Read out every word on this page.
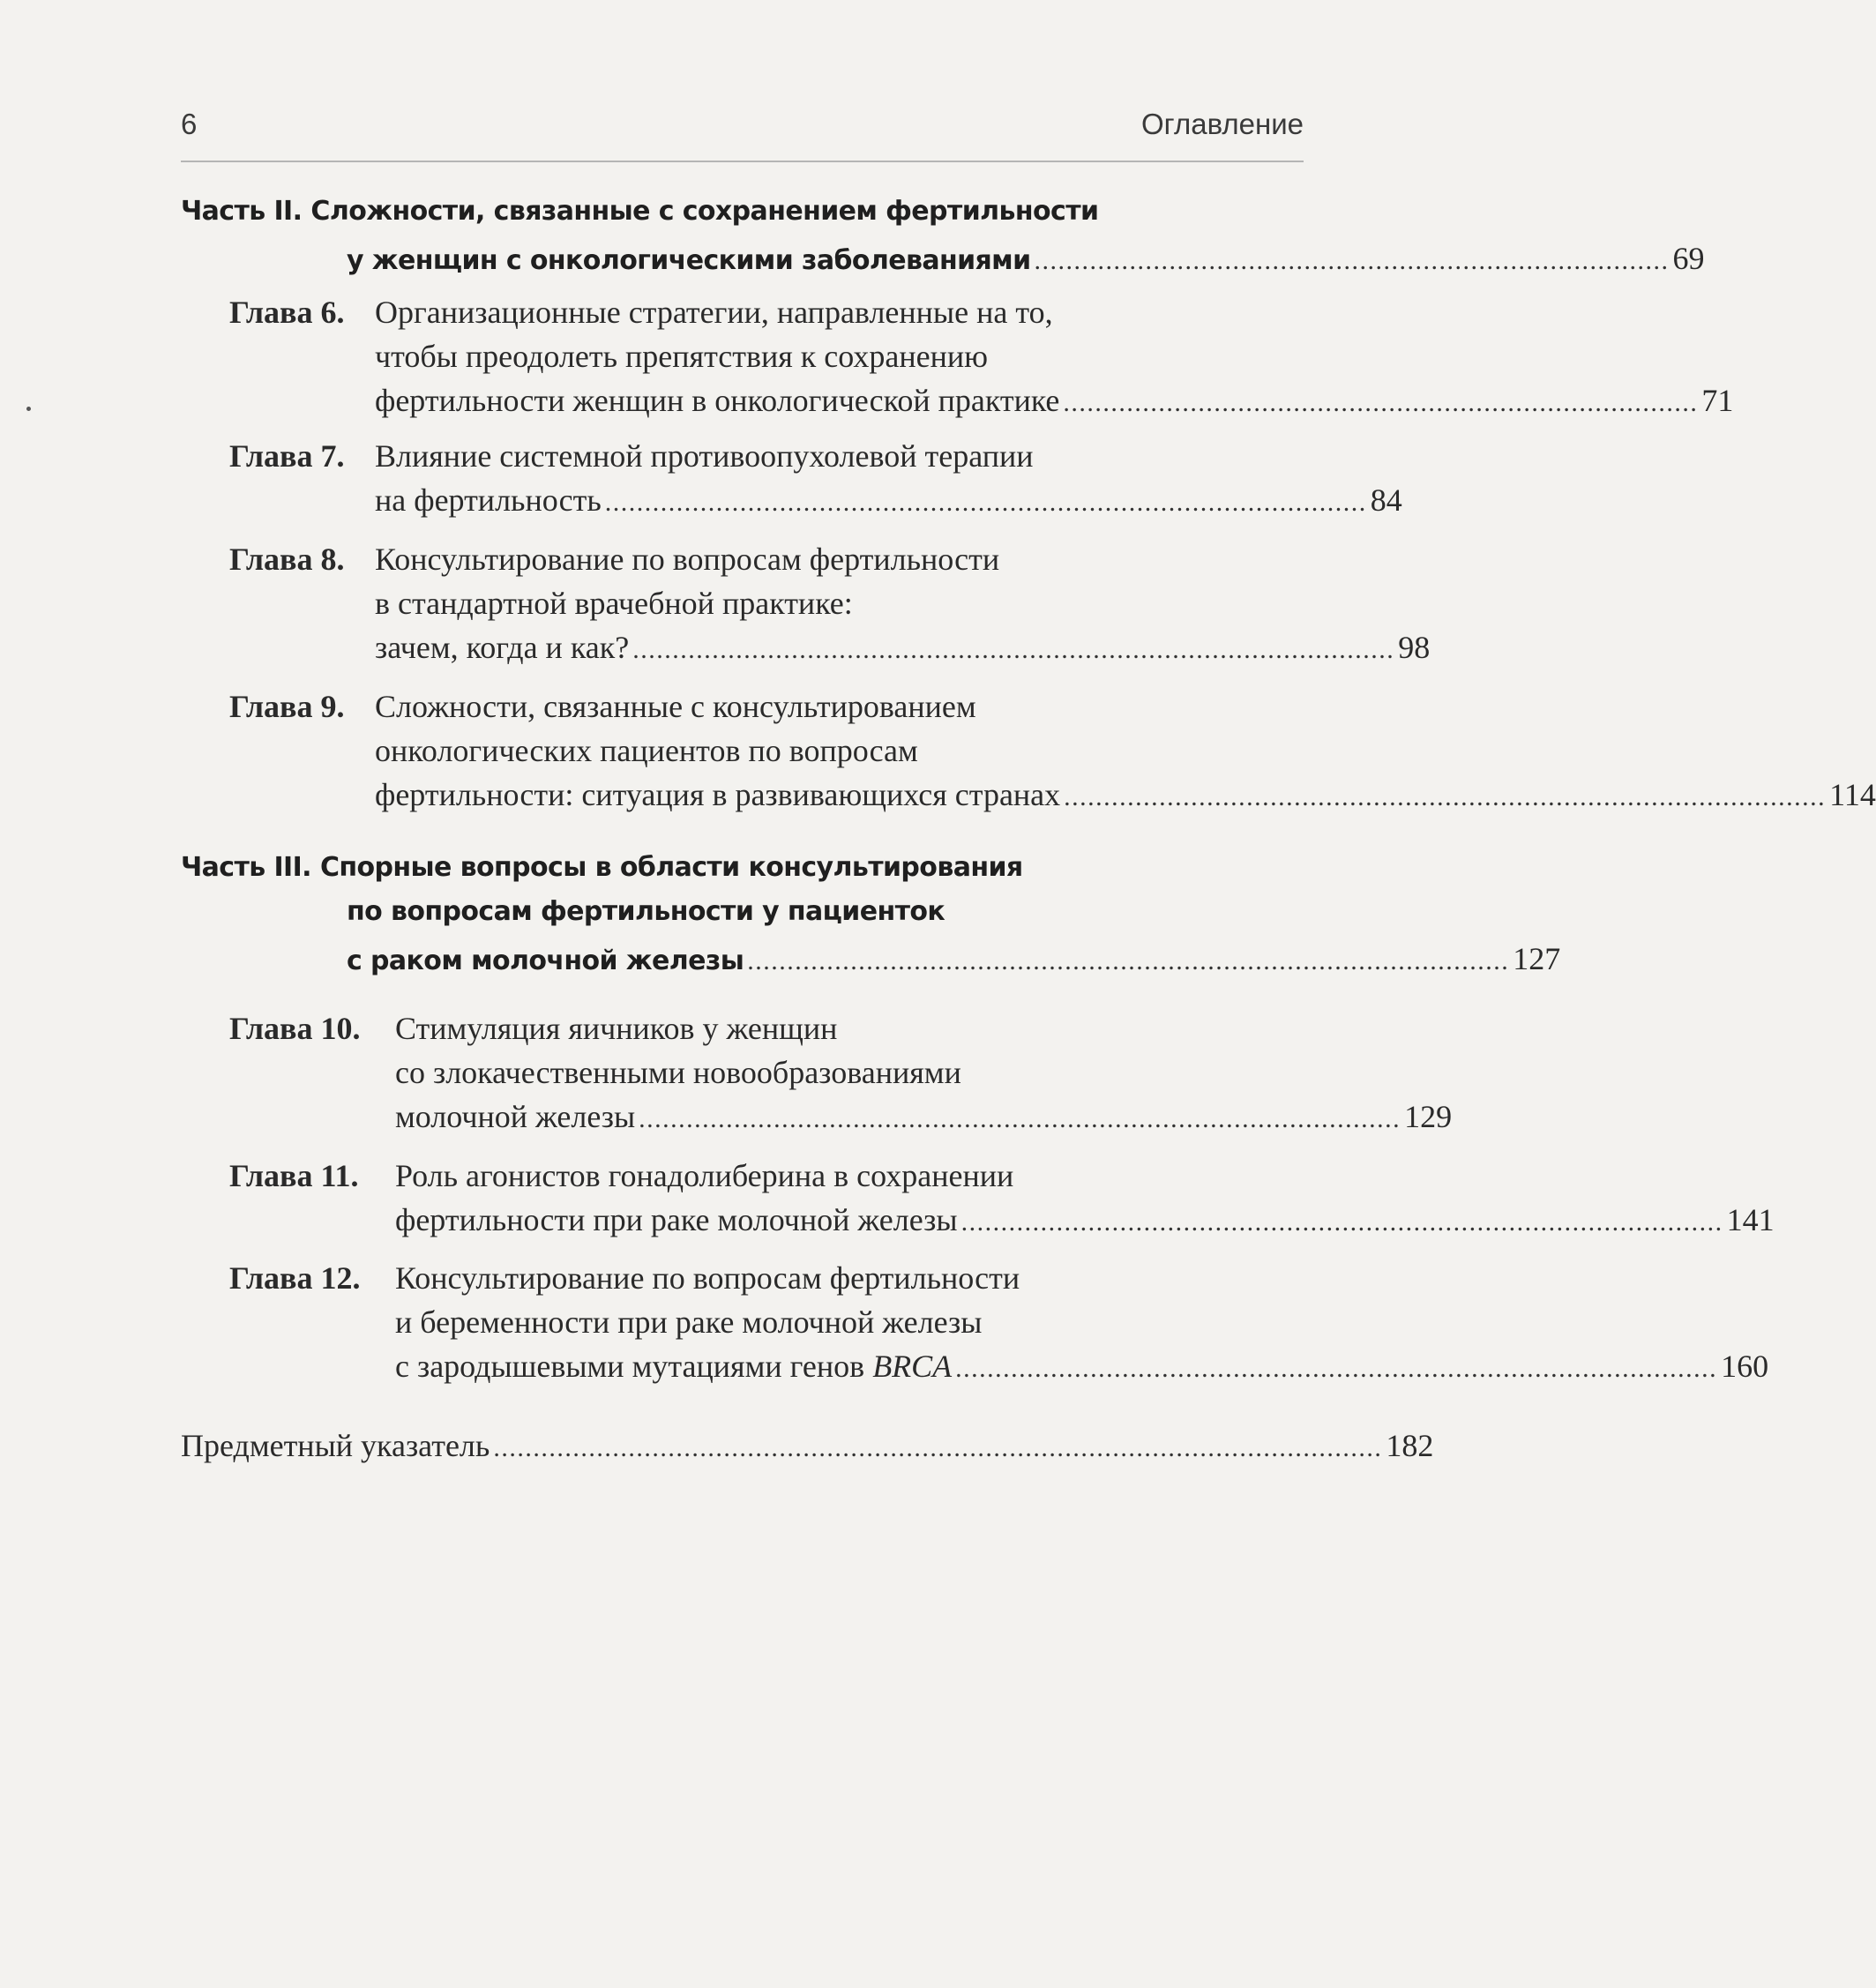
6	Оглавление
Часть II. Сложности, связанные с сохранением фертильности
у женщин с онкологическими заболеваниями ................................................................................ 69
Глава 6. Организационные стратегии, направленные на то,
чтобы преодолеть препятствия к сохранению
фертильности женщин в онкологической практике ................................................................................ 71
Глава 7. Влияние системной противоопухолевой терапии
на фертильность ................................................................................................ 84
Глава 8. Консультирование по вопросам фертильности
в стандартной врачебной практике:
зачем, когда и как? ................................................................................................ 98
Глава 9. Сложности, связанные с консультированием
онкологических пациентов по вопросам
фертильности: ситуация в развивающихся странах ................................................................................................ 114
Часть III. Спорные вопросы в области консультирования
по вопросам фертильности у пациенток
с раком молочной железы ................................................................................................ 127
Глава 10. Стимуляция яичников у женщин
со злокачественными новообразованиями
молочной железы ................................................................................................ 129
Глава 11. Роль агонистов гонадолиберина в сохранении
фертильности при раке молочной железы ................................................................................................ 141
Глава 12. Консультирование по вопросам фертильности
и беременности при раке молочной железы
с зародышевыми мутациями генов BRCA ................................................................................................ 160
Предметный указатель ................................................................................................................ 182
